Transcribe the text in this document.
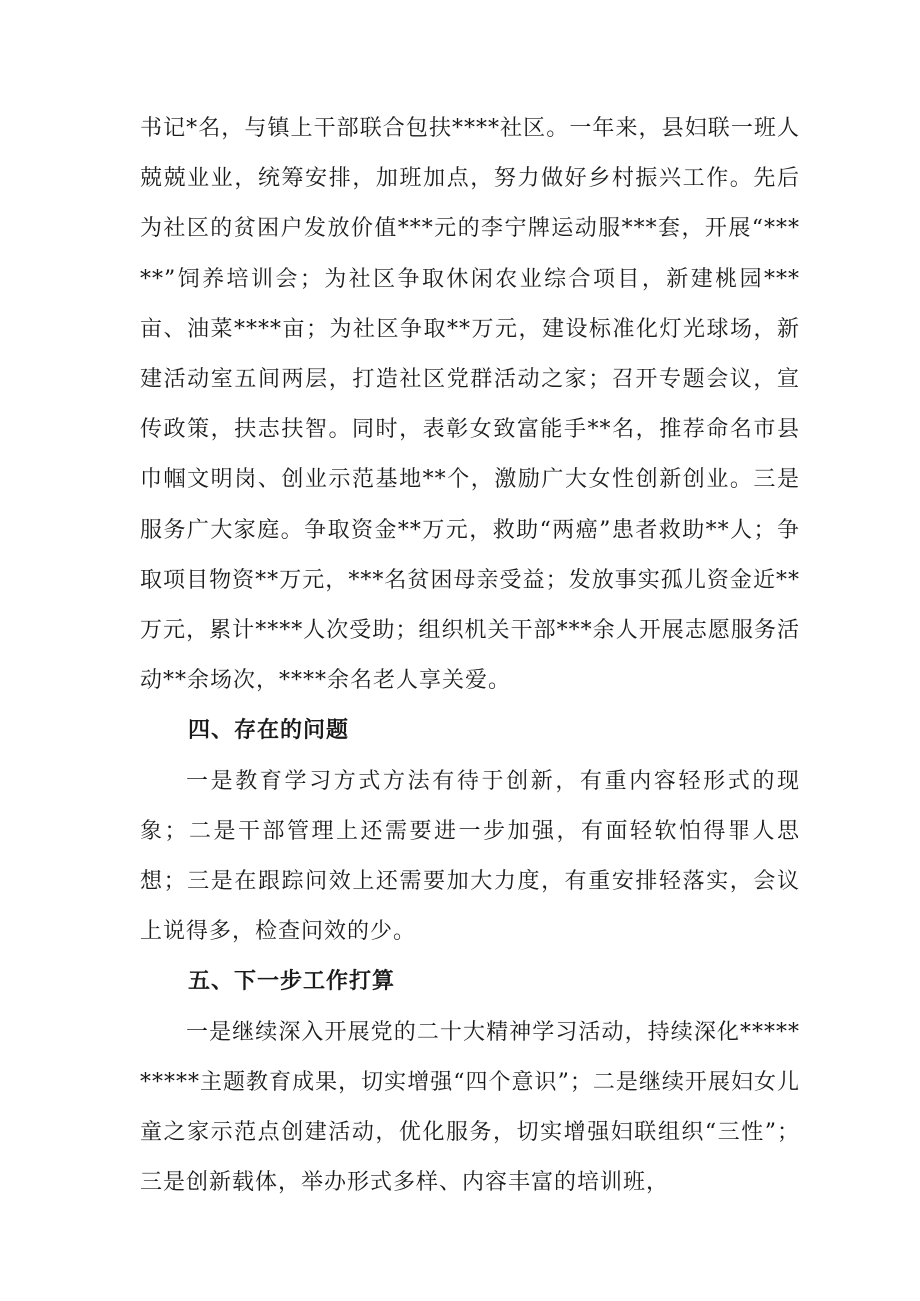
书记*名，与镇上干部联合包扶****社区。一年来，县妇联一班人兢兢业业，统筹安排，加班加点，努力做好乡村振兴工作。先后为社区的贫困户发放价值***元的李宁牌运动服***套，开展“*****”饲养培训会；为社区争取休闲农业综合项目，新建桃园***亩、油菜****亩；为社区争取**万元，建设标准化灯光球场，新建活动室五间两层，打造社区党群活动之家；召开专题会议，宣传政策，扶志扶智。同时，表彰女致富能手**名，推荐命名市县巾帼文明岗、创业示范基地**个，激励广大女性创新创业。三是服务广大家庭。争取资金**万元，救助“两癌”患者救助**人；争取项目物资**万元，***名贫困母亲受益；发放事实孤儿资金近**万元，累计****人次受助；组织机关干部***余人开展志愿服务活动**余场次，****余名老人享关爱。

四、存在的问题

一是教育学习方式方法有待于创新，有重内容轻形式的现象；二是干部管理上还需要进一步加强，有面轻软怕得罪人思想；三是在跟踪问效上还需要加大力度，有重安排轻落实，会议上说得多，检查问效的少。

五、下一步工作打算

一是继续深入开展党的二十大精神学习活动，持续深化**********主题教育成果，切实增强“四个意识”；二是继续开展妇女儿童之家示范点创建活动，优化服务，切实增强妇联组织“三性”；三是创新载体，举办形式多样、内容丰富的培训班，
